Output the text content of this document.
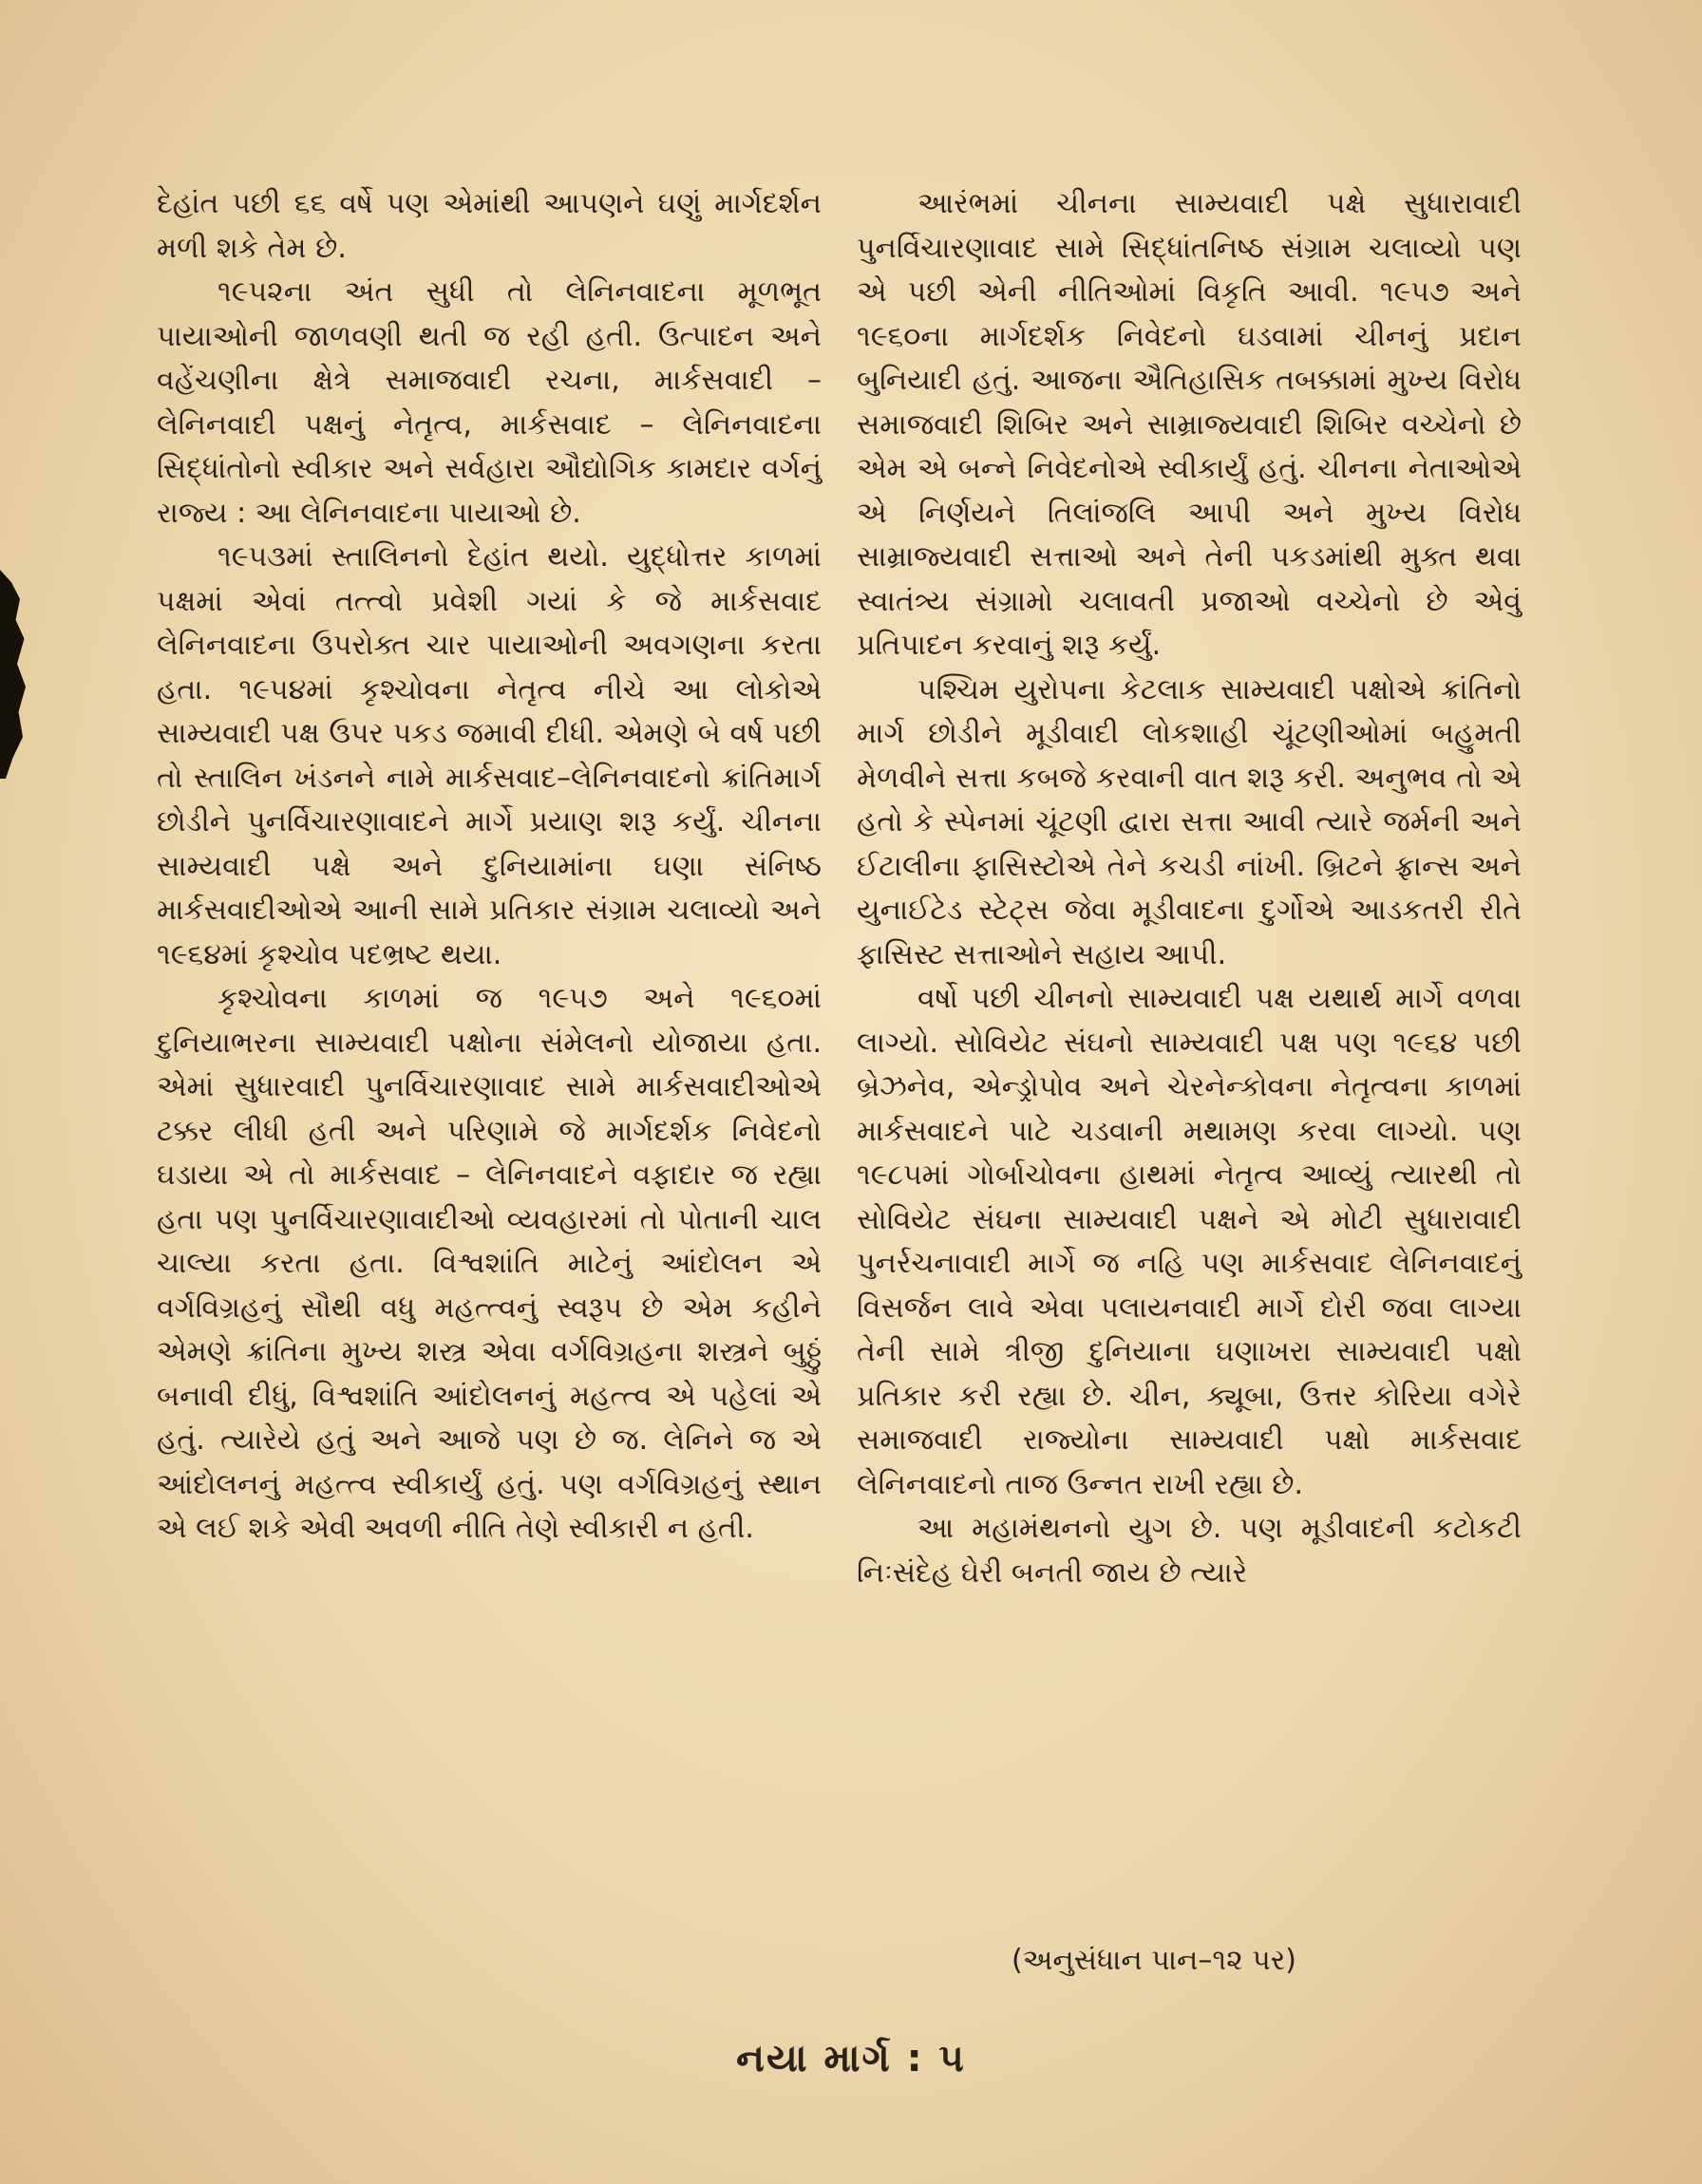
દેહાંત પછી ૬૬ વર્ષે પણ એમાંથી આપણને ઘણું માર્ગદર્શન મળી શકે તેમ છે.

૧૯૫૨ના અંત સુધી તો લેનિનવાદના મૂળભૂત પાયાઓની જાળવણી થતી જ રહી હતી. ઉત્પાદન અને વહેંચણીના ક્ષેત્રે સમાજવાદી રચના, માર્કસવાદી – લેનિનવાદી પક્ષનું નેતૃત્વ, માર્કસવાદ – લેનિનવાદના સિદ્ધાંતોનો સ્વીકાર અને સર્વહારા ઔદ્યોગિક કામદાર વર્ગનું રાજ્ય : આ લેનિનવાદના પાયાઓ છે.

૧૯૫૩માં સ્તાલિનનો દેહાંત થયો. યુદ્ધોત્તર કાળમાં પક્ષમાં એવાં તત્ત્વો પ્રવેશી ગયાં કે જે માર્કસવાદ લેનિનવાદના ઉપરોક્ત ચાર પાયાઓની અવગણના કરતા હતા. ૧૯૫૪માં કૃશ્ચોવના નેતૃત્વ નીચે આ લોકોએ સામ્યવાદી પક્ષ ઉપર પકડ જમાવી દીધી. એમણે બે વર્ષ પછી તો સ્તાલિન ખંડનને નામે માર્કસવાદ–લેનિનવાદનો ક્રાંતિમાર્ગ છોડીને પુનર્વિચારણાવાદને માર્ગે પ્રયાણ શરૂ કર્યું. ચીનના સામ્યવાદી પક્ષે અને દુનિયામાંના ઘણા સંનિષ્ઠ માર્કસવાદીઓએ આની સામે પ્રતિકાર સંગ્રામ ચલાવ્યો અને ૧૯૬૪માં કૃશ્ચોવ પદભ્રષ્ટ થયા.

કૃશ્ચોવના કાળમાં જ ૧૯૫૭ અને ૧૯૬૦માં દુનિયાભરના સામ્યવાદી પક્ષોના સંમેલનો યોજાયા હતા. એમાં સુધારવાદી પુનર્વિચારણાવાદ સામે માર્કસવાદીઓએ ટક્કર લીધી હતી અને પરિણામે જે માર્ગદર્શક નિવેદનો ઘડાયા એ તો માર્કસવાદ – લેનિનવાદને વફાદાર જ રહ્યા હતા પણ પુનર્વિચારણાવાદીઓ વ્યવહારમાં તો પોતાની ચાલ ચાલ્યા કરતા હતા. વિશ્વશાંતિ માટેનું આંદોલન એ વર્ગવિગ્રહનું સૌથી વધુ મહત્ત્વનું સ્વરૂપ છે એમ કહીને એમણે ક્રાંતિના મુખ્ય શસ્ત્ર એવા વર્ગવિગ્રહના શસ્ત્રને બુઠ્ઠું બનાવી દીધું, વિશ્વશાંતિ આંદોલનનું મહત્ત્વ એ પહેલાં એ હતું. ત્યારેયે હતું અને આજે પણ છે જ. લેનિને જ એ આંદોલનનું મહત્ત્વ સ્વીકાર્યું હતું. પણ વર્ગવિગ્રહનું સ્થાન એ લઈ શકે એવી અવળી નીતિ તેણે સ્વીકારી ન હતી.

આરંભમાં ચીનના સામ્યવાદી પક્ષે સુધારાવાદી પુનર્વિચારણાવાદ સામે સિદ્ધાંતનિષ્ઠ સંગ્રામ ચલાવ્યો પણ એ પછી એની નીતિઓમાં વિકૃતિ આવી. ૧૯૫૭ અને ૧૯૬૦ના માર્ગદર્શક નિવેદનો ઘડવામાં ચીનનું પ્રદાન બુનિયાદી હતું. આજના ઐતિહાસિક તબક્કામાં મુખ્ય વિરોધ સમાજવાદી શિબિર અને સામ્રાજ્યવાદી શિબિર વચ્ચેનો છે એમ એ બન્ને નિવેદનોએ સ્વીકાર્યું હતું. ચીનના નેતાઓએ એ નિર્ણયને તિલાંજલિ આપી અને મુખ્ય વિરોધ સામ્રાજ્યવાદી સત્તાઓ અને તેની પકડમાંથી મુક્ત થવા સ્વાતંત્ર્ય સંગ્રામો ચલાવતી પ્રજાઓ વચ્ચેનો છે એવું પ્રતિપાદન કરવાનું શરૂ કર્યું.

પશ્ચિમ યુરોપના કેટલાક સામ્યવાદી પક્ષોએ ક્રાંતિનો માર્ગ છોડીને મૂડીવાદી લોકશાહી ચૂંટણીઓમાં બહુમતી મેળવીને સત્તા કબજે કરવાની વાત શરૂ કરી. અનુભવ તો એ હતો કે સ્પેનમાં ચૂંટણી દ્વારા સત્તા આવી ત્યારે જર્મની અને ઈટાલીના ફાસિસ્ટોએ તેને કચડી નાંખી. બ્રિટને ફ્રાન્સ અને યુનાઈટેડ સ્ટેટ્સ જેવા મૂડીવાદના દુર્ગોએ આડકતરી રીતે ફાસિસ્ટ સત્તાઓને સહાય આપી.

વર્ષો પછી ચીનનો સામ્યવાદી પક્ષ યથાર્થ માર્ગે વળવા લાગ્યો. સોવિયેટ સંઘનો સામ્યવાદી પક્ષ પણ ૧૯૬૪ પછી બ્રેઝનેવ, એન્ડ્રોપોવ અને ચેરનેન્કોવના નેતૃત્વના કાળમાં માર્કસવાદને પાટે ચડવાની મથામણ કરવા લાગ્યો. પણ ૧૯૮૫માં ગોર્બાચોવના હાથમાં નેતૃત્વ આવ્યું ત્યારથી તો સોવિયેટ સંઘના સામ્યવાદી પક્ષને એ મોટી સુધારાવાદી પુનર્રચનાવાદી માર્ગે જ નહિ પણ માર્કસવાદ લેનિનવાદનું વિસર્જન લાવે એવા પલાયનવાદી માર્ગે દોરી જવા લાગ્યા તેની સામે ત્રીજી દુનિયાના ઘણાખરા સામ્યવાદી પક્ષો પ્રતિકાર કરી રહ્યા છે. ચીન, ક્યૂબા, ઉત્તર કોરિયા વગેરે સમાજવાદી રાજ્યોના સામ્યવાદી પક્ષો માર્કસવાદ લેનિનવાદનો તાજ ઉન્નત રાખી રહ્યા છે.

આ મહામંથનનો યુગ છે. પણ મૂડીવાદની કટોકટી નિઃસંદેહ ઘેરી બનતી જાય છે ત્યારે

(અનુસંધાન પાન–૧૨ પર)
નયા માર્ગ : ૫
